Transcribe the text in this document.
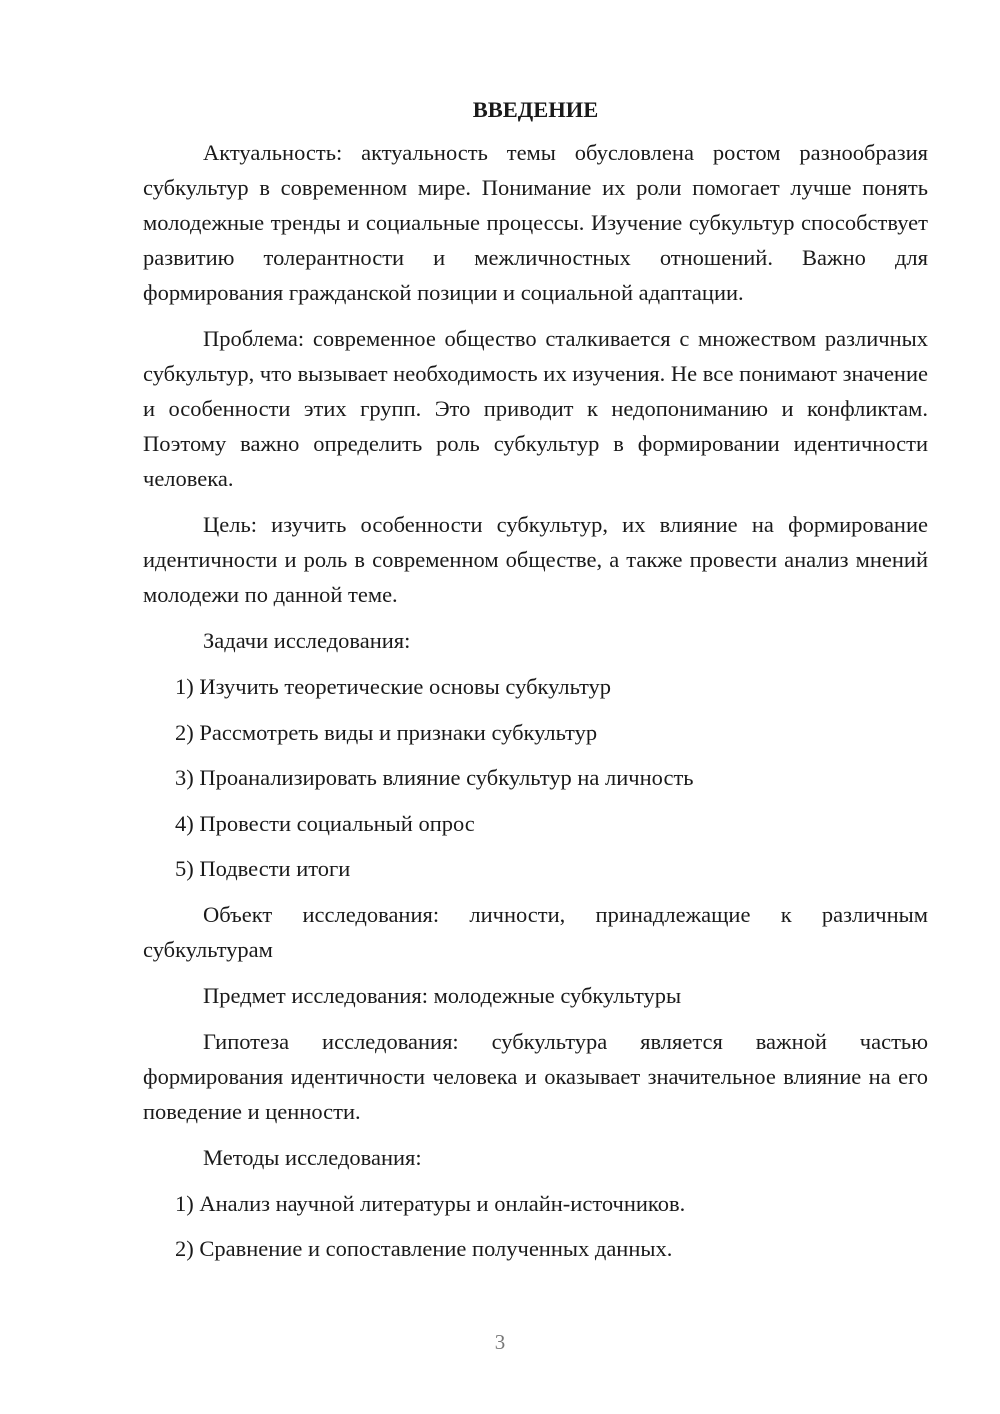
ВВЕДЕНИЕ

Актуальность: актуальность темы обусловлена ростом разнообразия субкультур в современном мире. Понимание их роли помогает лучше понять молодежные тренды и социальные процессы. Изучение субкультур способствует развитию толерантности и межличностных отношений. Важно для формирования гражданской позиции и социальной адаптации.

Проблема: современное общество сталкивается с множеством различных субкультур, что вызывает необходимость их изучения. Не все понимают значение и особенности этих групп. Это приводит к недопониманию и конфликтам. Поэтому важно определить роль субкультур в формировании идентичности человека.

Цель: изучить особенности субкультур, их влияние на формирование идентичности и роль в современном обществе, а также провести анализ мнений молодежи по данной теме.

Задачи исследования:

1) Изучить теоретические основы субкультур

2) Рассмотреть виды и признаки субкультур

3) Проанализировать влияние субкультур на личность

4) Провести социальный опрос

5) Подвести итоги

Объект исследования: личности, принадлежащие к различным субкультурам

Предмет исследования: молодежные субкультуры

Гипотеза исследования: субкультура является важной частью формирования идентичности человека и оказывает значительное влияние на его поведение и ценности.

Методы исследования:

1) Анализ научной литературы и онлайн-источников.

2) Сравнение и сопоставление полученных данных.

3
